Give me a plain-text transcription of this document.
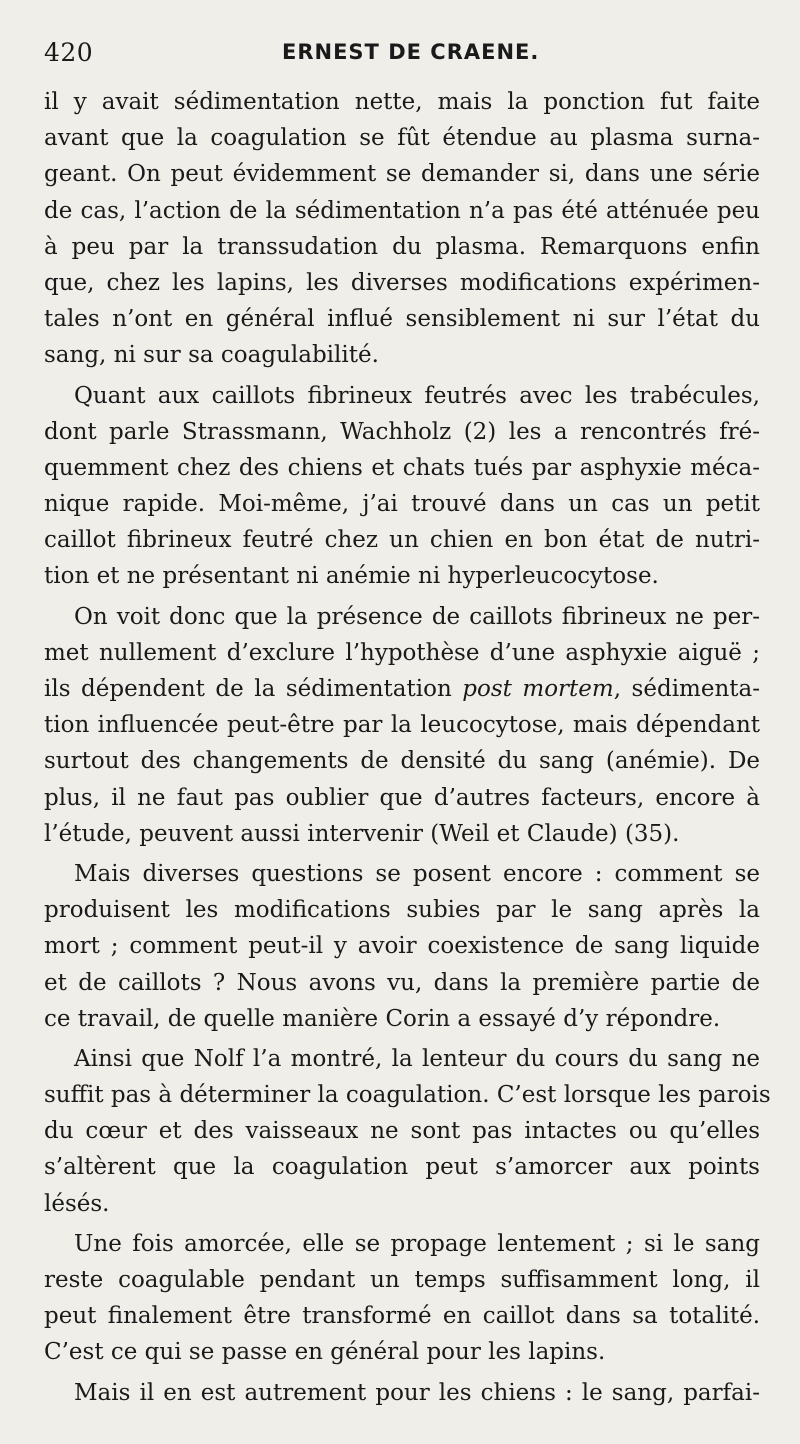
420	ERNEST DE CRAENE.
il y avait sédimentation nette, mais la ponction fut faite
avant que la coagulation se fût étendue au plasma surna-
geant. On peut évidemment se demander si, dans une série
de cas, l’action de la sédimentation n’a pas été atténuée peu
à peu par la transsudation du plasma. Remarquons enfin
que, chez les lapins, les diverses modifications expérimen-
tales n’ont en général influé sensiblement ni sur l’état du
sang, ni sur sa coagulabilité.
Quant aux caillots fibrineux feutrés avec les trabécules,
dont parle Strassmann, Wachholz (2) les a rencontrés fré-
quemment chez des chiens et chats tués par asphyxie méca-
nique rapide. Moi-même, j’ai trouvé dans un cas un petit
caillot fibrineux feutré chez un chien en bon état de nutri-
tion et ne présentant ni anémie ni hyperleucocytose.
On voit donc que la présence de caillots fibrineux ne per-
met nullement d’exclure l’hypothèse d’une asphyxie aiguë ;
ils dépendent de la sédimentation post mortem, sédimenta-
tion influencée peut-être par la leucocytose, mais dépendant
surtout des changements de densité du sang (anémie). De
plus, il ne faut pas oublier que d’autres facteurs, encore à
l’étude, peuvent aussi intervenir (Weil et Claude) (35).
Mais diverses questions se posent encore : comment se
produisent les modifications subies par le sang après la
mort ; comment peut-il y avoir coexistence de sang liquide
et de caillots ? Nous avons vu, dans la première partie de
ce travail, de quelle manière Corin a essayé d’y répondre.
Ainsi que Nolf l’a montré, la lenteur du cours du sang ne
suffit pas à déterminer la coagulation. C’est lorsque les parois
du cœur et des vaisseaux ne sont pas intactes ou qu’elles
s’altèrent que la coagulation peut s’amorcer aux points
lésés.
Une fois amorcée, elle se propage lentement ; si le sang
reste coagulable pendant un temps suffisamment long, il
peut finalement être transformé en caillot dans sa totalité.
C’est ce qui se passe en général pour les lapins.
Mais il en est autrement pour les chiens : le sang, parfai-
